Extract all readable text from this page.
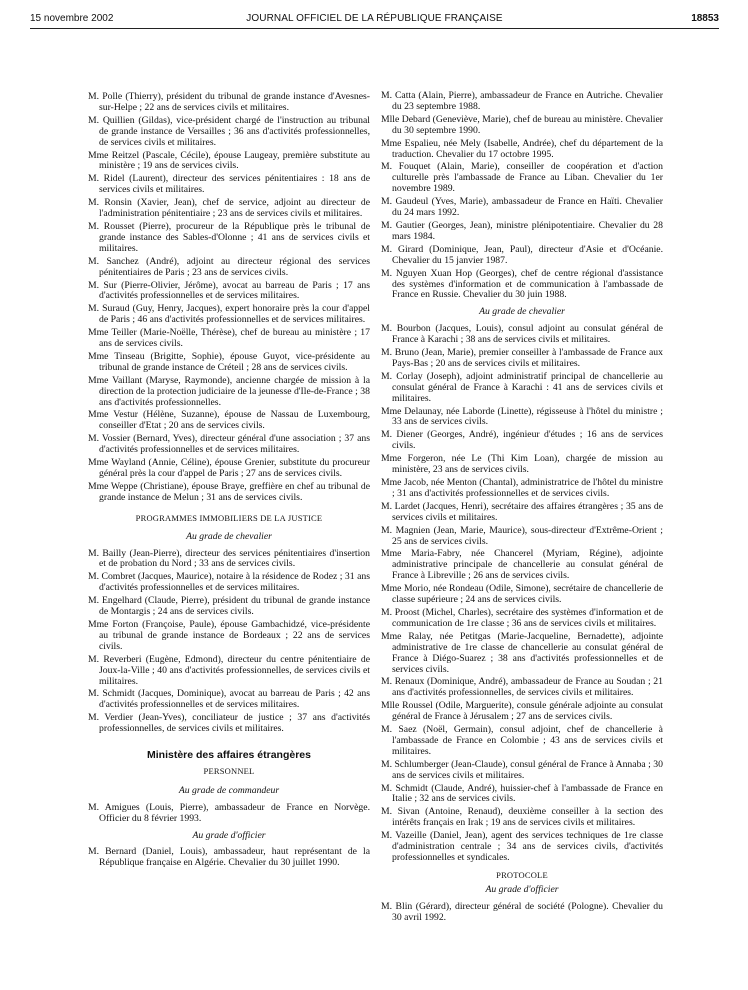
15 novembre 2002	JOURNAL OFFICIEL DE LA RÉPUBLIQUE FRANÇAISE	18853

M. Polle (Thierry), président du tribunal de grande instance d'Avesnes-sur-Helpe ; 22 ans de services civils et militaires.

M. Quillien (Gildas), vice-président chargé de l'instruction au tribunal de grande instance de Versailles ; 36 ans d'activités professionnelles, de services civils et militaires.

Mme Reitzel (Pascale, Cécile), épouse Laugeay, première substitute au ministère ; 19 ans de services civils.

M. Ridel (Laurent), directeur des services pénitentiaires : 18 ans de services civils et militaires.

M. Ronsin (Xavier, Jean), chef de service, adjoint au directeur de l'administration pénitentiaire ; 23 ans de services civils et militaires.

M. Rousset (Pierre), procureur de la République près le tribunal de grande instance des Sables-d'Olonne ; 41 ans de services civils et militaires.

M. Sanchez (André), adjoint au directeur régional des services pénitentiaires de Paris ; 23 ans de services civils.

M. Sur (Pierre-Olivier, Jérôme), avocat au barreau de Paris ; 17 ans d'activités professionnelles et de services militaires.

M. Suraud (Guy, Henry, Jacques), expert honoraire près la cour d'appel de Paris ; 46 ans d'activités professionnelles et de services militaires.

Mme Teiller (Marie-Noëlle, Thérèse), chef de bureau au ministère ; 17 ans de services civils.

Mme Tinseau (Brigitte, Sophie), épouse Guyot, vice-présidente au tribunal de grande instance de Créteil ; 28 ans de services civils.

Mme Vaillant (Maryse, Raymonde), ancienne chargée de mission à la direction de la protection judiciaire de la jeunesse d'Ile-de-France ; 38 ans d'activités professionnelles.

Mme Vestur (Hélène, Suzanne), épouse de Nassau de Luxembourg, conseiller d'Etat ; 20 ans de services civils.

M. Vossier (Bernard, Yves), directeur général d'une association ; 37 ans d'activités professionnelles et de services militaires.

Mme Wayland (Annie, Céline), épouse Grenier, substitute du procureur général près la cour d'appel de Paris ; 27 ans de services civils.

Mme Weppe (Christiane), épouse Braye, greffière en chef au tribunal de grande instance de Melun ; 31 ans de services civils.

PROGRAMMES IMMOBILIERS DE LA JUSTICE

Au grade de chevalier

M. Bailly (Jean-Pierre), directeur des services pénitentiaires d'insertion et de probation du Nord ; 33 ans de services civils.

M. Combret (Jacques, Maurice), notaire à la résidence de Rodez ; 31 ans d'activités professionnelles et de services militaires.

M. Engelhard (Claude, Pierre), président du tribunal de grande instance de Montargis ; 24 ans de services civils.

Mme Forton (Françoise, Paule), épouse Gambachidzé, vice-présidente au tribunal de grande instance de Bordeaux ; 22 ans de services civils.

M. Reverberi (Eugène, Edmond), directeur du centre pénitentiaire de Joux-la-Ville ; 40 ans d'activités professionnelles, de services civils et militaires.

M. Schmidt (Jacques, Dominique), avocat au barreau de Paris ; 42 ans d'activités professionnelles et de services militaires.

M. Verdier (Jean-Yves), conciliateur de justice ; 37 ans d'activités professionnelles, de services civils et militaires.

Ministère des affaires étrangères

PERSONNEL

Au grade de commandeur

M. Amigues (Louis, Pierre), ambassadeur de France en Norvège. Officier du 8 février 1993.

Au grade d'officier

M. Bernard (Daniel, Louis), ambassadeur, haut représentant de la République française en Algérie. Chevalier du 30 juillet 1990.

M. Catta (Alain, Pierre), ambassadeur de France en Autriche. Chevalier du 23 septembre 1988.

Mlle Debard (Geneviève, Marie), chef de bureau au ministère. Chevalier du 30 septembre 1990.

Mme Espalieu, née Mely (Isabelle, Andrée), chef du département de la traduction. Chevalier du 17 octobre 1995.

M. Fouquet (Alain, Marie), conseiller de coopération et d'action culturelle près l'ambassade de France au Liban. Chevalier du 1er novembre 1989.

M. Gaudeul (Yves, Marie), ambassadeur de France en Haïti. Chevalier du 24 mars 1992.

M. Gautier (Georges, Jean), ministre plénipotentiaire. Chevalier du 28 mars 1984.

M. Girard (Dominique, Jean, Paul), directeur d'Asie et d'Océanie. Chevalier du 15 janvier 1987.

M. Nguyen Xuan Hop (Georges), chef de centre régional d'assistance des systèmes d'information et de communication à l'ambassade de France en Russie. Chevalier du 30 juin 1988.

Au grade de chevalier

M. Bourbon (Jacques, Louis), consul adjoint au consulat général de France à Karachi ; 38 ans de services civils et militaires.

M. Bruno (Jean, Marie), premier conseiller à l'ambassade de France aux Pays-Bas ; 20 ans de services civils et militaires.

M. Corlay (Joseph), adjoint administratif principal de chancellerie au consulat général de France à Karachi : 41 ans de services civils et militaires.

Mme Delaunay, née Laborde (Linette), régisseuse à l'hôtel du ministre ; 33 ans de services civils.

M. Diener (Georges, André), ingénieur d'études ; 16 ans de services civils.

Mme Forgeron, née Le (Thi Kim Loan), chargée de mission au ministère, 23 ans de services civils.

Mme Jacob, née Menton (Chantal), administratrice de l'hôtel du ministre ; 31 ans d'activités professionnelles et de services civils.

M. Lardet (Jacques, Henri), secrétaire des affaires étrangères ; 35 ans de services civils et militaires.

M. Magnien (Jean, Marie, Maurice), sous-directeur d'Extrême-Orient ; 25 ans de services civils.

Mme Maria-Fabry, née Chancerel (Myriam, Régine), adjointe administrative principale de chancellerie au consulat général de France à Libreville ; 26 ans de services civils.

Mme Morio, née Rondeau (Odile, Simone), secrétaire de chancellerie de classe supérieure ; 24 ans de services civils.

M. Proost (Michel, Charles), secrétaire des systèmes d'information et de communication de 1re classe ; 36 ans de services civils et militaires.

Mme Ralay, née Petitgas (Marie-Jacqueline, Bernadette), adjointe administrative de 1re classe de chancellerie au consulat général de France à Diégo-Suarez ; 38 ans d'activités professionnelles et de services civils.

M. Renaux (Dominique, André), ambassadeur de France au Soudan ; 21 ans d'activités professionnelles, de services civils et militaires.

Mlle Roussel (Odile, Marguerite), consule générale adjointe au consulat général de France à Jérusalem ; 27 ans de services civils.

M. Saez (Noël, Germain), consul adjoint, chef de chancellerie à l'ambassade de France en Colombie ; 43 ans de services civils et militaires.

M. Schlumberger (Jean-Claude), consul général de France à Annaba ; 30 ans de services civils et militaires.

M. Schmidt (Claude, André), huissier-chef à l'ambassade de France en Italie ; 32 ans de services civils.

M. Sivan (Antoine, Renaud), deuxième conseiller à la section des intérêts français en Irak ; 19 ans de services civils et militaires.

M. Vazeille (Daniel, Jean), agent des services techniques de 1re classe d'administration centrale ; 34 ans de services civils, d'activités professionnelles et syndicales.

PROTOCOLE

Au grade d'officier

M. Blin (Gérard), directeur général de société (Pologne). Chevalier du 30 avril 1992.
